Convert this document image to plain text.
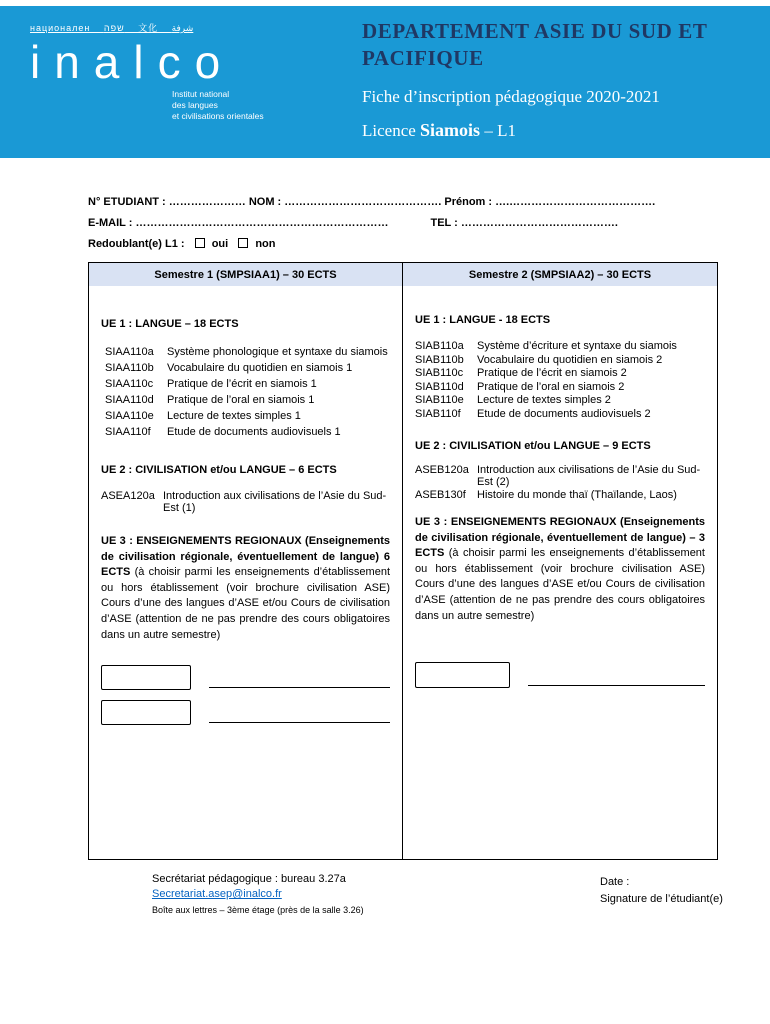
национален שפה 文化 شرفة
inalco
Institut national
des langues
et civilisations orientales
DEPARTEMENT ASIE DU SUD ET PACIFIQUE
Fiche d’inscription pédagogique 2020-2021
Licence Siamois – L1
N° ETUDIANT : ………………… NOM : ……………………………………. Prénom : ….………………………………….
E-MAIL : ……………………………………………………………	TEL : …………………………………….
Redoublant(e) L1 : oui non
Semestre 1 (SMPSIAA1) – 30 ECTS
UE 1 : LANGUE – 18 ECTS
SIAA110a	Système phonologique et syntaxe du siamois
SIAA110b	Vocabulaire du quotidien en siamois 1
SIAA110c	Pratique de l’écrit en siamois 1
SIAA110d	Pratique de l’oral en siamois 1
SIAA110e	Lecture de textes simples 1
SIAA110f	Etude de documents audiovisuels 1
UE 2 : CIVILISATION et/ou LANGUE – 6 ECTS
ASEA120a Introduction aux civilisations de l’Asie du Sud-Est (1)
UE 3 : ENSEIGNEMENTS REGIONAUX (Enseignements de civilisation régionale, éventuellement de langue) 6 ECTS (à choisir parmi les enseignements d’établissement ou hors établissement (voir brochure civilisation ASE) Cours d’une des langues d’ASE et/ou Cours de civilisation d’ASE (attention de ne pas prendre des cours obligatoires dans un autre semestre)
Semestre 2 (SMPSIAA2) – 30 ECTS
UE 1 : LANGUE - 18 ECTS
SIAB110a	Système d’écriture et syntaxe du siamois
SIAB110b	Vocabulaire du quotidien en siamois 2
SIAB110c	Pratique de l’écrit en siamois 2
SIAB110d	Pratique de l’oral en siamois 2
SIAB110e	Lecture de textes simples 2
SIAB110f	Etude de documents audiovisuels 2
UE 2 : CIVILISATION et/ou LANGUE – 9 ECTS
ASEB120a Introduction aux civilisations de l’Asie du Sud-Est (2)
ASEB130f	Histoire du monde thaï (Thaïlande, Laos)
UE 3 : ENSEIGNEMENTS REGIONAUX (Enseignements de civilisation régionale, éventuellement de langue) – 3 ECTS (à choisir parmi les enseignements d’établissement ou hors établissement (voir brochure civilisation ASE) Cours d’une des langues d’ASE et/ou Cours de civilisation d’ASE (attention de ne pas prendre des cours obligatoires dans un autre semestre)
Secrétariat pédagogique : bureau 3.27a
Secretariat.asep@inalco.fr
Boîte aux lettres – 3ème étage (près de la salle 3.26)
Date :
Signature de l’étudiant(e)
